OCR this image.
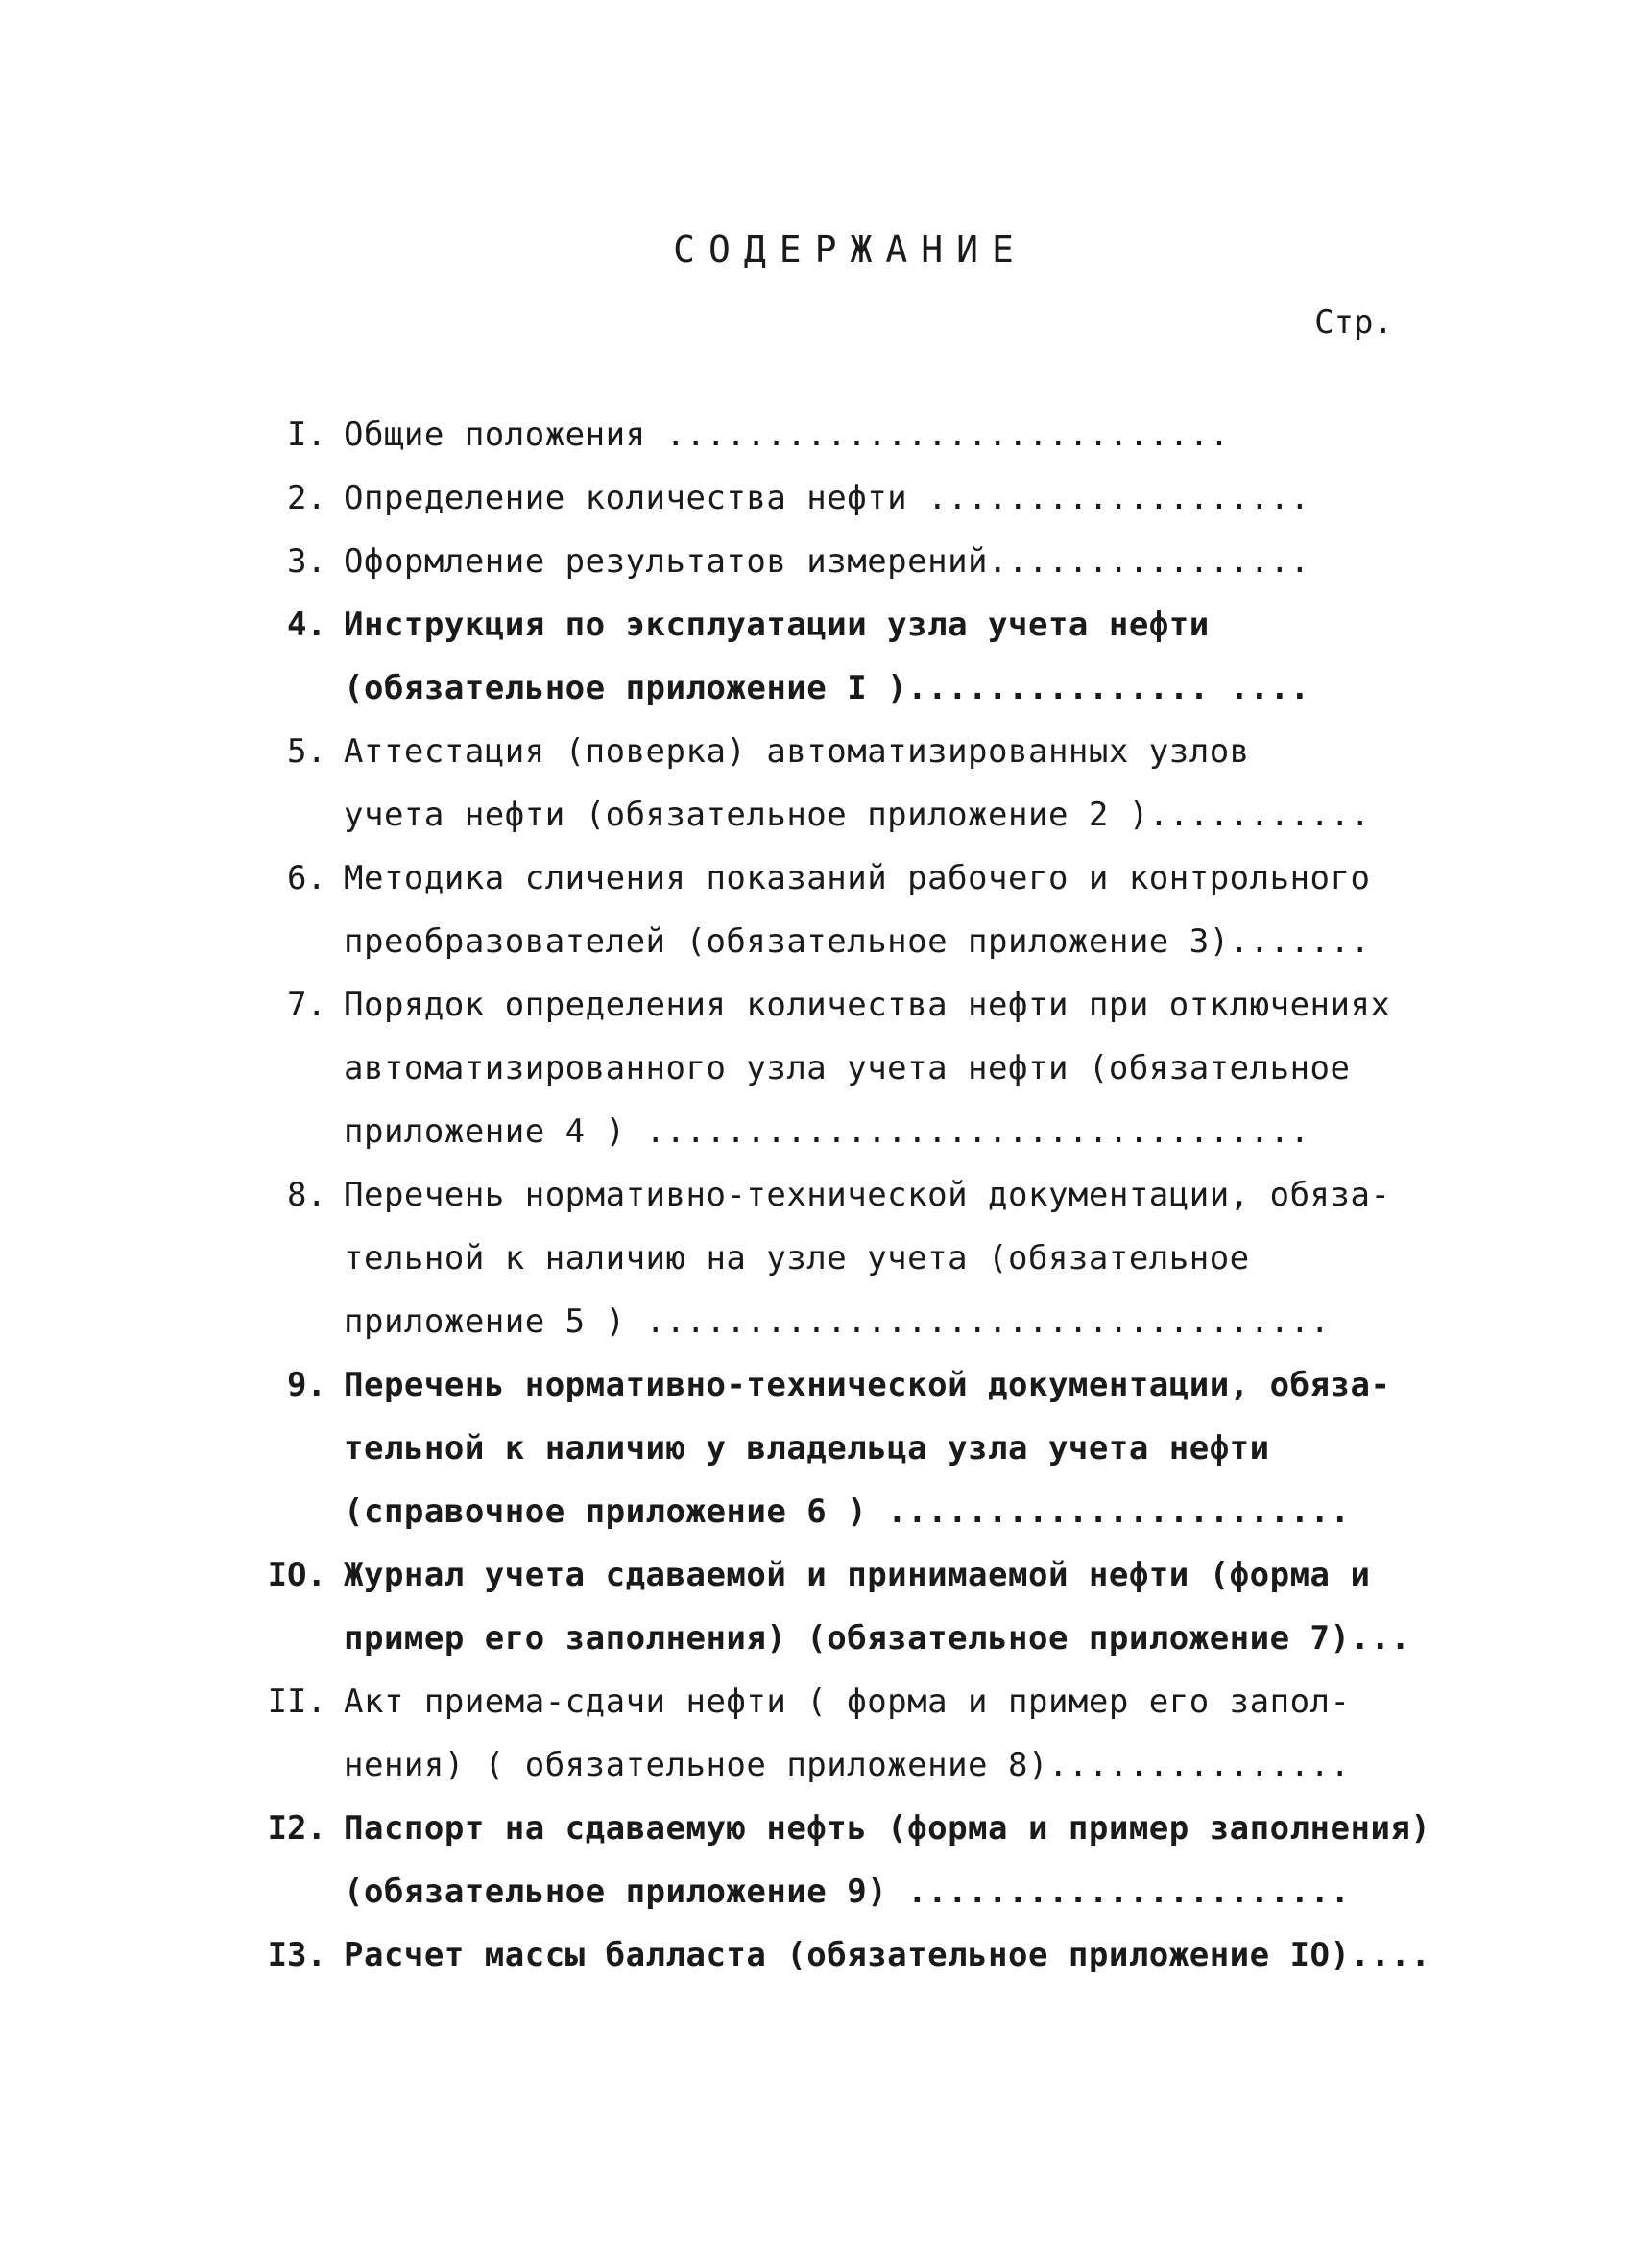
СОДЕРЖАНИЕ
Стр.
I. Общие положения ............................
2. Определение количества нефти ...................
3. Оформление результатов измерений................
4. Инструкция по эксплуатации узла учета нефти
(обязательное приложение I )............... ....
5. Аттестация (поверка) автоматизированных узлов
учета нефти (обязательное приложение 2 )...........
6. Методика сличения показаний рабочего и контрольного
преобразователей (обязательное приложение 3).......
7. Порядок определения количества нефти при отключениях
автоматизированного узла учета нефти (обязательное
приложение 4 ) .................................
8. Перечень нормативно-технической документации, обяза-
тельной к наличию на узле учета (обязательное
приложение 5 ) ..................................
9. Перечень нормативно-технической документации, обяза-
тельной к наличию у владельца узла учета нефти
(справочное приложение 6 ) .......................
IO. Журнал учета сдаваемой и принимаемой нефти (форма и
пример его заполнения) (обязательное приложение 7)...
II. Акт приема-сдачи нефти ( форма и пример его запол-
нения) ( обязательное приложение 8)...............
I2. Паспорт на сдаваемую нефть (форма и пример заполнения)
(обязательное приложение 9) ......................
I3. Расчет массы балласта (обязательное приложение IO)....
